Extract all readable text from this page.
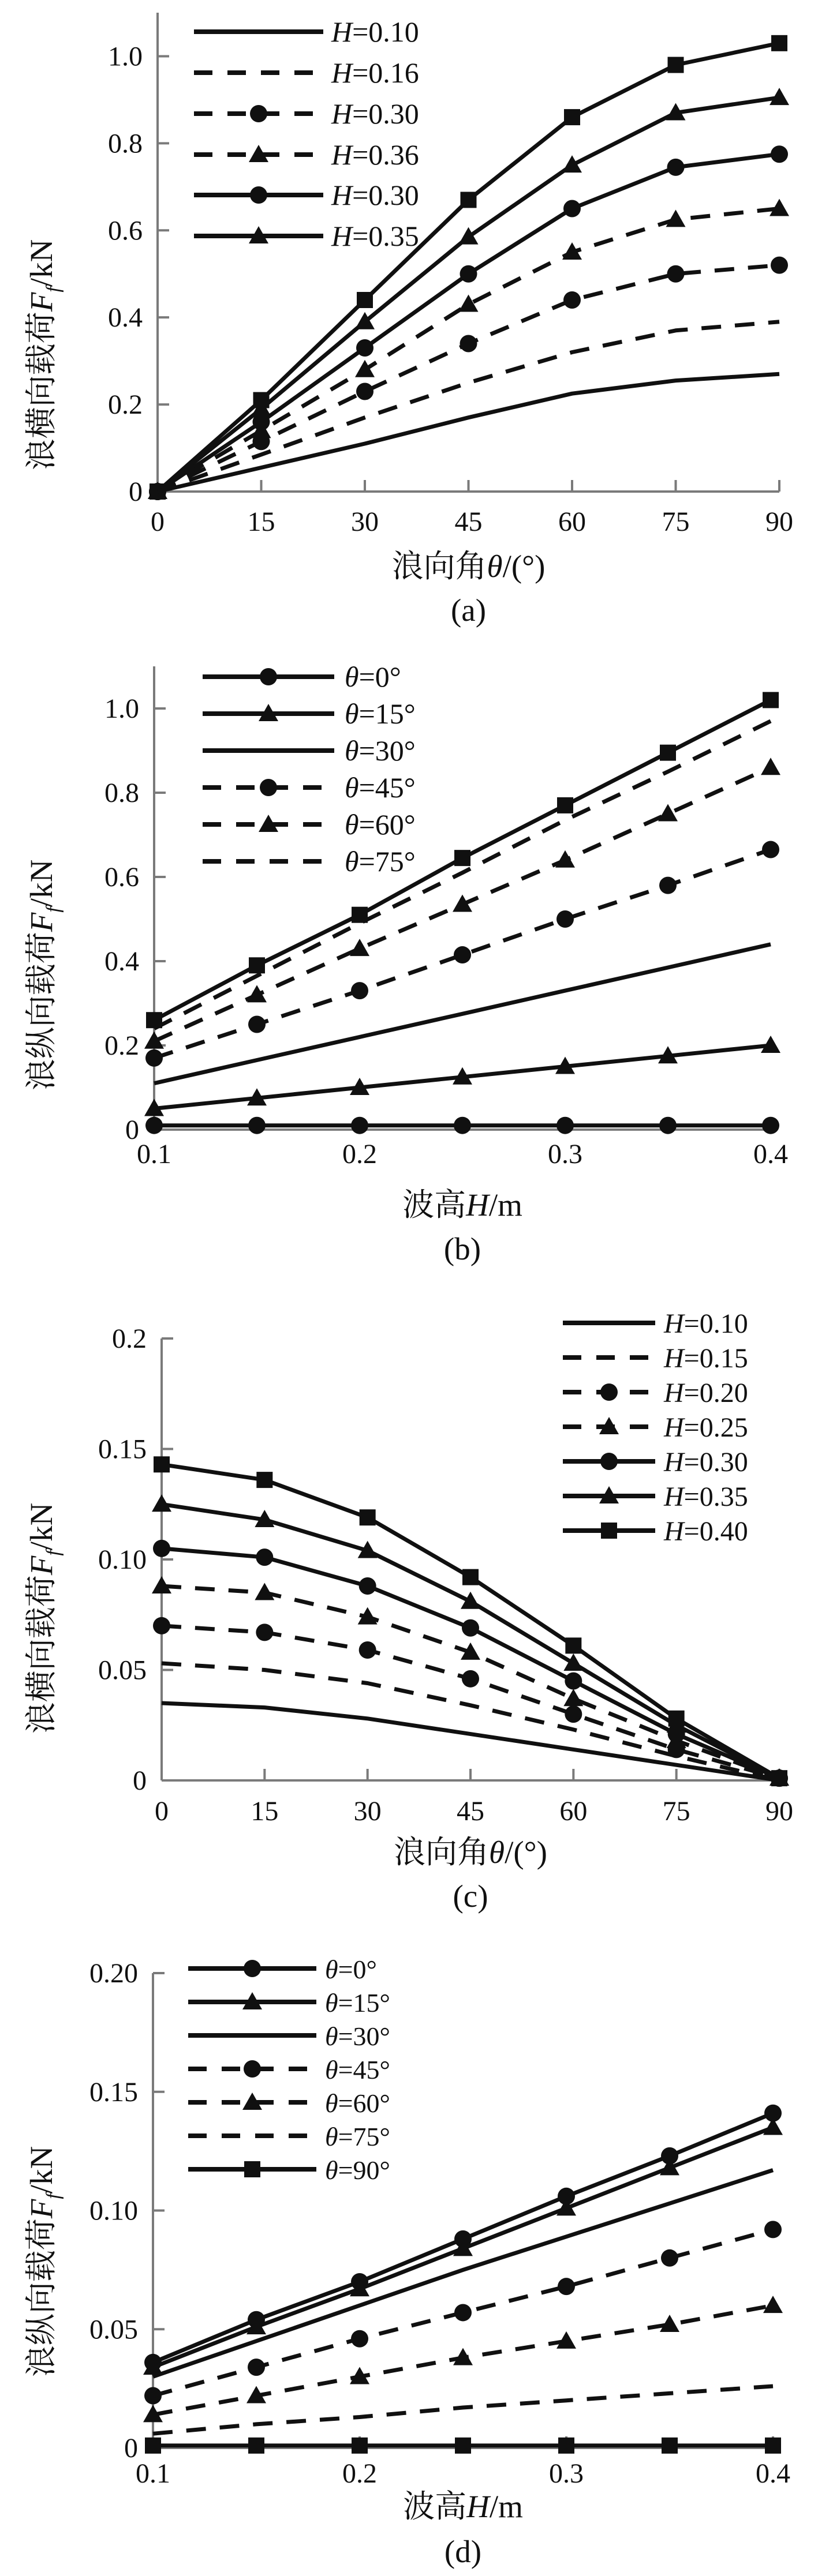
0	15	30	45	60	75	90
0
0.2
0.4
0.6
0.8
1.0
H=0.10
H=0.16
H=0.30
H=0.36
H=0.30
H=0.35
浪向角θ/(°)
浪横向载荷$F_f/kN$
(a)
0.1	0.2	0.3	0.4
0
0.2
0.4
0.6
0.8
1.0
θ=0°
θ=15°
θ=30°
θ=45°
θ=60°
θ=75°
波高H/m
浪纵向载荷$F_f/kN$
(b)
0	15	30	45	60	75	90
0
0.05
0.10
0.15
0.2	H=0.10
H=0.15
H=0.20
H=0.25
H=0.30
H=0.35
H=0.40
浪向角θ/(°)
浪横向载荷$F_f/kN$
(c)
0.1	0.2	0.3	0.4
0
0.05
0.10
0.15
0.20	θ=0°
θ=15°
θ=30°
θ=45°
θ=60°
θ=75°
θ=90°
波高H/m
浪纵向载荷$F_f/kN$
(d)
